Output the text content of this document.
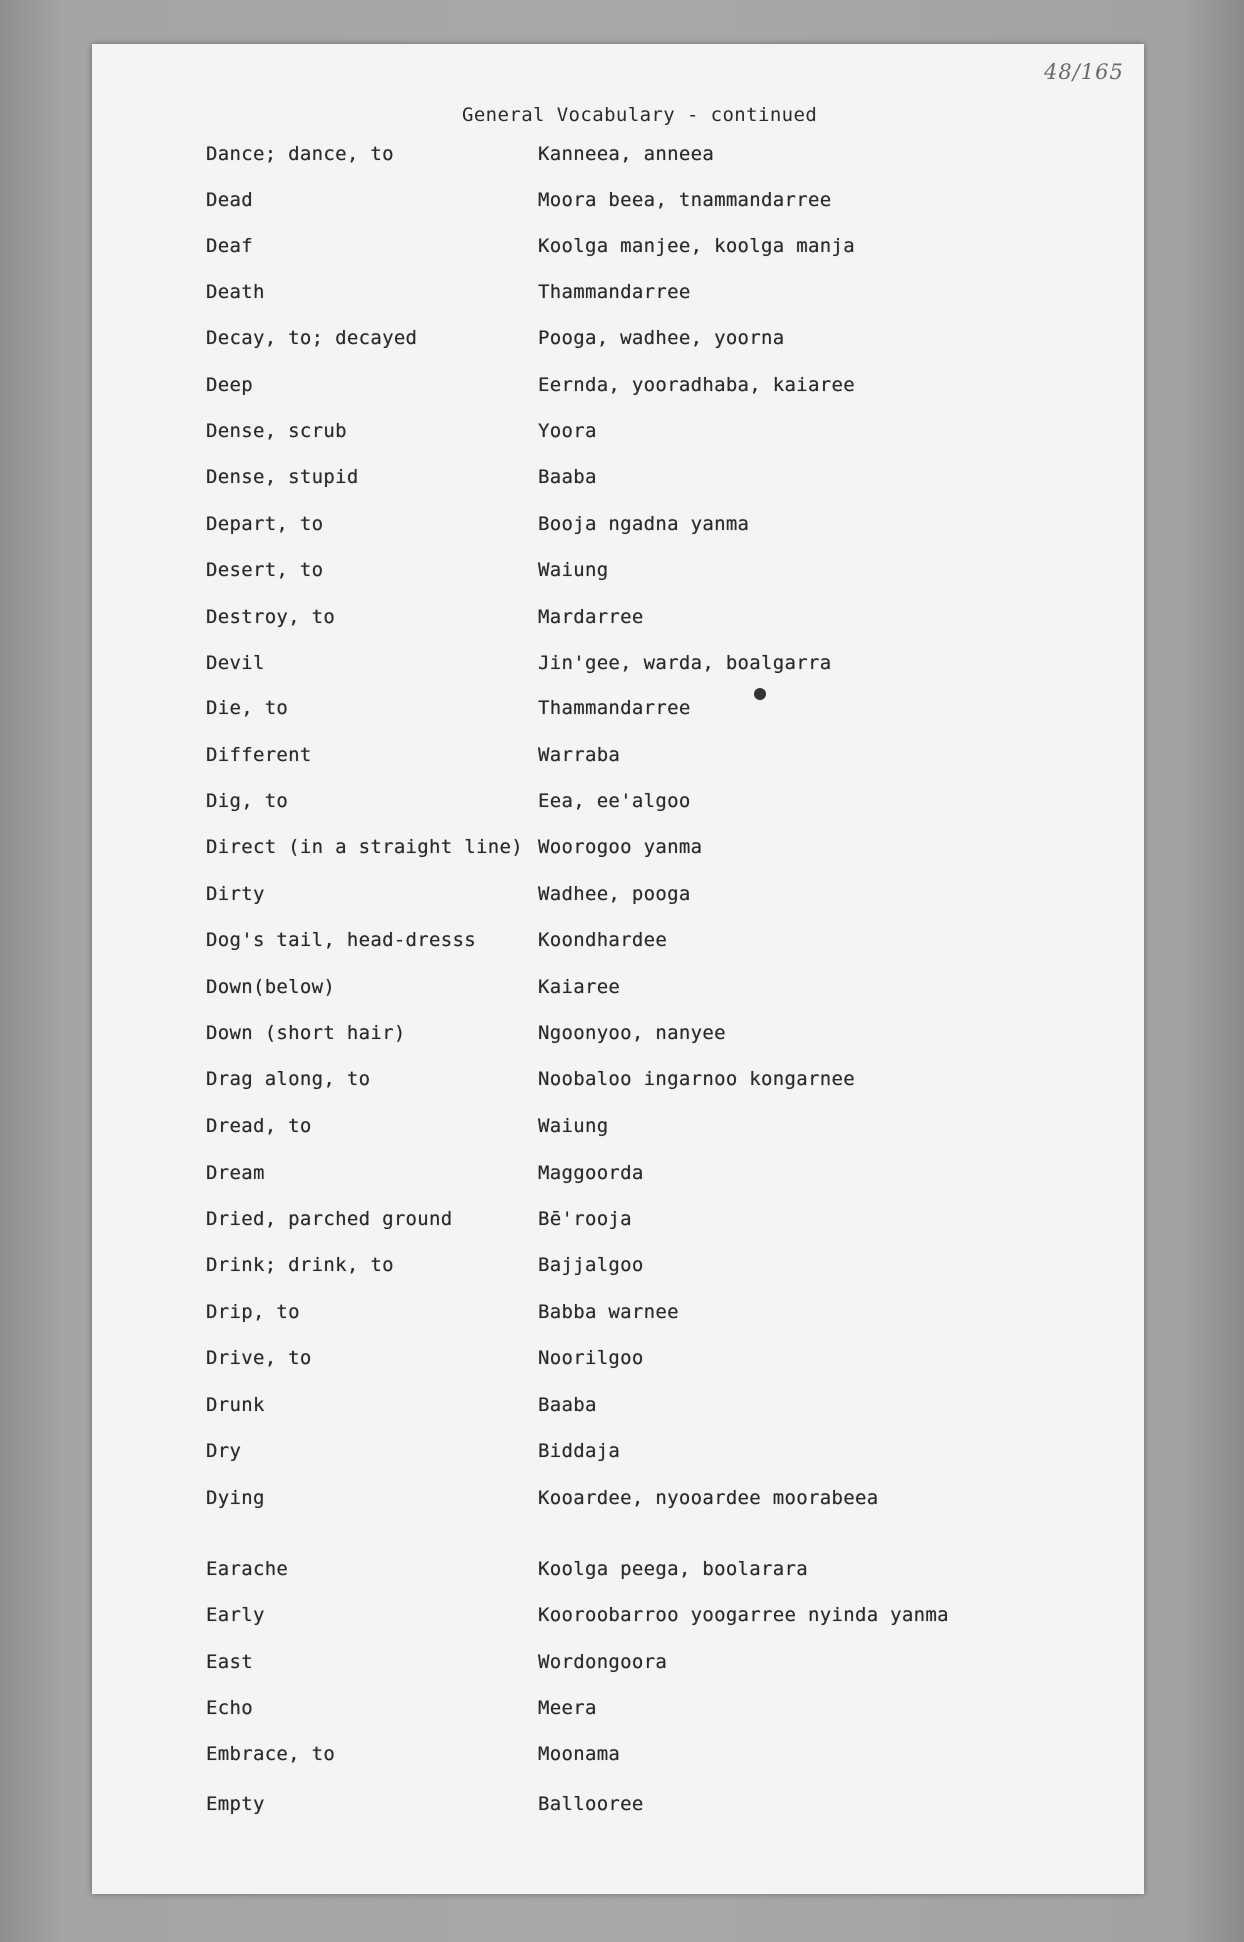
48/165
General Vocabulary - continued
Dance; dance, to	Kanneea, anneea
Dead	Moora beea, tnammandarree
Deaf	Koolga manjee, koolga manja
Death	Thammandarree
Decay, to; decayed	Pooga, wadhee, yoorna
Deep	Eernda, yooradhaba, kaiaree
Dense, scrub	Yoora
Dense, stupid	Baaba
Depart, to	Booja ngadna yanma
Desert, to	Waiung
Destroy, to	Mardarree
Devil	Jin'gee, warda, boalgarra
Die, to	Thammandarree
Different	Warraba
Dig, to	Eea, ee'algoo
Direct (in a straight line) Woorogoo yanma
Dirty	Wadhee, pooga
Dog's tail, head-dresss	Koondhardee
Down(below)	Kaiaree
Down (short hair)	Ngoonyoo, nanyee
Drag along, to	Noobaloo ingarnoo kongarnee
Dread, to	Waiung
Dream	Maggoorda
Dried, parched ground	Bē'rooja
Drink; drink, to	Bajjalgoo
Drip, to	Babba warnee
Drive, to	Noorilgoo
Drunk	Baaba
Dry	Biddaja
Dying	Kooardee, nyooardee moorabeea
Earache	Koolga peega, boolarara
Early	Kooroobarroo yoogarree nyinda yanma
East	Wordongoora
Echo	Meera
Embrace, to	Moonama
Empty	Balloorее
